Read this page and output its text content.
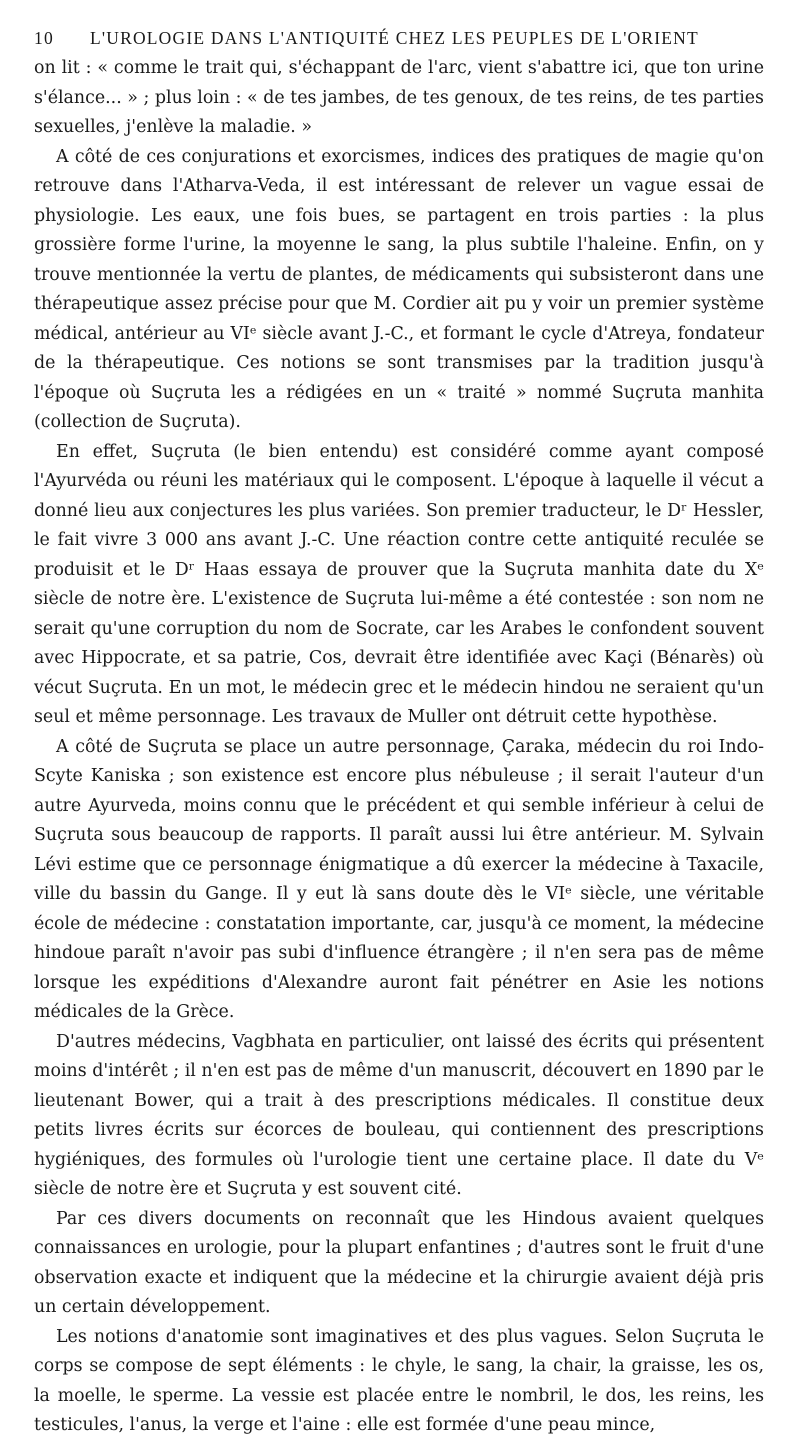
10 L'UROLOGIE DANS L'ANTIQUITÉ CHEZ LES PEUPLES DE L'ORIENT

on lit : « comme le trait qui, s'échappant de l'arc, vient s'abattre ici, que ton urine s'élance... » ; plus loin : « de tes jambes, de tes genoux, de tes reins, de tes parties sexuelles, j'enlève la maladie. »

A côté de ces conjurations et exorcismes, indices des pratiques de magie qu'on retrouve dans l'Atharva-Veda, il est intéressant de relever un vague essai de physiologie. Les eaux, une fois bues, se partagent en trois parties : la plus grossière forme l'urine, la moyenne le sang, la plus subtile l'haleine. Enfin, on y trouve mentionnée la vertu de plantes, de médicaments qui subsisteront dans une thérapeutique assez précise pour que M. Cordier ait pu y voir un premier système médical, antérieur au VIᵉ siècle avant J.-C., et formant le cycle d'Atreya, fondateur de la thérapeutique. Ces notions se sont transmises par la tradition jusqu'à l'époque où Suçruta les a rédigées en un « traité » nommé Suçruta manhita (collection de Suçruta).

En effet, Suçruta (le bien entendu) est considéré comme ayant composé l'Ayurvéda ou réuni les matériaux qui le composent. L'époque à laquelle il vécut a donné lieu aux conjectures les plus variées. Son premier traducteur, le Dʳ Hessler, le fait vivre 3 000 ans avant J.-C. Une réaction contre cette antiquité reculée se produisit et le Dʳ Haas essaya de prouver que la Suçruta manhita date du Xᵉ siècle de notre ère. L'existence de Suçruta lui-même a été contestée : son nom ne serait qu'une corruption du nom de Socrate, car les Arabes le confondent souvent avec Hippocrate, et sa patrie, Cos, devrait être identifiée avec Kaçi (Bénarès) où vécut Suçruta. En un mot, le médecin grec et le médecin hindou ne seraient qu'un seul et même personnage. Les travaux de Muller ont détruit cette hypothèse.

A côté de Suçruta se place un autre personnage, Çaraka, médecin du roi Indo-Scyte Kaniska ; son existence est encore plus nébuleuse ; il serait l'auteur d'un autre Ayurveda, moins connu que le précédent et qui semble inférieur à celui de Suçruta sous beaucoup de rapports. Il paraît aussi lui être antérieur. M. Sylvain Lévi estime que ce personnage énigmatique a dû exercer la médecine à Taxacile, ville du bassin du Gange. Il y eut là sans doute dès le VIᵉ siècle, une véritable école de médecine : constatation importante, car, jusqu'à ce moment, la médecine hindoue paraît n'avoir pas subi d'influence étrangère ; il n'en sera pas de même lorsque les expéditions d'Alexandre auront fait pénétrer en Asie les notions médicales de la Grèce.

D'autres médecins, Vagbhata en particulier, ont laissé des écrits qui présentent moins d'intérêt ; il n'en est pas de même d'un manuscrit, découvert en 1890 par le lieutenant Bower, qui a trait à des prescriptions médicales. Il constitue deux petits livres écrits sur écorces de bouleau, qui contiennent des prescriptions hygiéniques, des formules où l'urologie tient une certaine place. Il date du Vᵉ siècle de notre ère et Suçruta y est souvent cité.

Par ces divers documents on reconnaît que les Hindous avaient quelques connaissances en urologie, pour la plupart enfantines ; d'autres sont le fruit d'une observation exacte et indiquent que la médecine et la chirurgie avaient déjà pris un certain développement.

Les notions d'anatomie sont imaginatives et des plus vagues. Selon Suçruta le corps se compose de sept éléments : le chyle, le sang, la chair, la graisse, les os, la moelle, le sperme. La vessie est placée entre le nombril, le dos, les reins, les testicules, l'anus, la verge et l'aine : elle est formée d'une peau mince,
